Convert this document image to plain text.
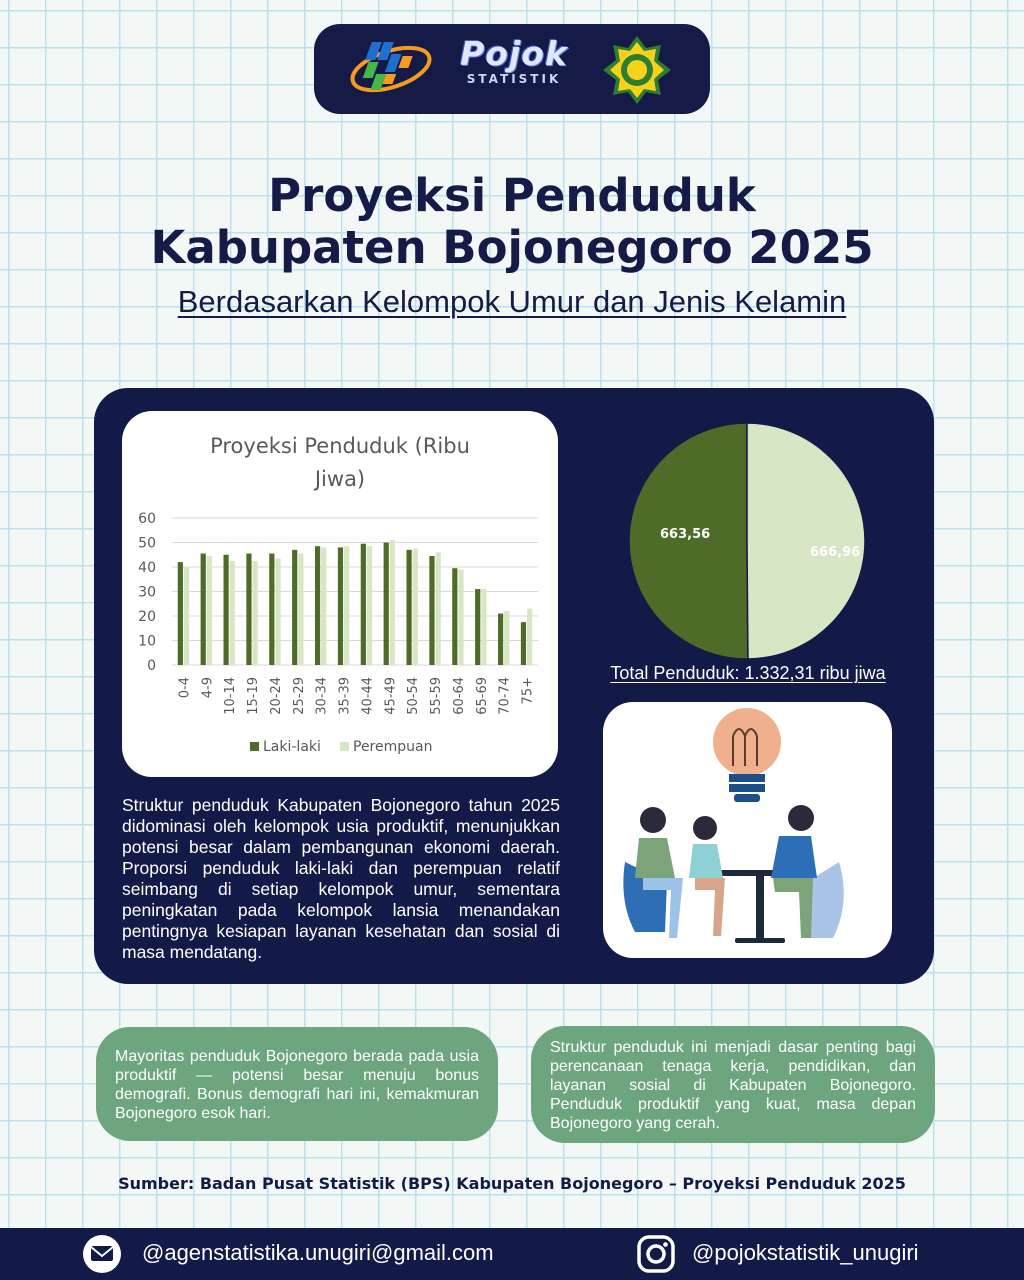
Pojok
STATISTIK
Proyeksi Penduduk
Kabupaten Bojonegoro 2025
Berdasarkan Kelompok Umur dan Jenis Kelamin
Proyeksi Penduduk (Ribu
Jiwa)
0
10
20
30
40
50
60
0-4 4-9 10-14 15-19 20-24 25-29 30-34 35-39 40-44 45-49 50-54 55-59 60-64 65-69 70-74 75+
Laki-laki Perempuan
663,56
666,96
Total Penduduk: 1.332,31 ribu jiwa
Struktur penduduk Kabupaten Bojonegoro tahun 2025 didominasi oleh kelompok usia produktif, menunjukkan potensi besar dalam pembangunan ekonomi daerah. Proporsi penduduk laki-laki dan perempuan relatif seimbang di setiap kelompok umur, sementara peningkatan pada kelompok lansia menandakan pentingnya kesiapan layanan kesehatan dan sosial di masa mendatang.
Mayoritas penduduk Bojonegoro berada pada usia produktif — potensi besar menuju bonus demografi. Bonus demografi hari ini, kemakmuran Bojonegoro esok hari.
Struktur penduduk ini menjadi dasar penting bagi perencanaan tenaga kerja, pendidikan, dan layanan sosial di Kabupaten Bojonegoro. Penduduk produktif yang kuat, masa depan Bojonegoro yang cerah.
Sumber: Badan Pusat Statistik (BPS) Kabupaten Bojonegoro – Proyeksi Penduduk 2025
@agenstatistika.unugiri@gmail.com	@pojokstatistik_unugiri
